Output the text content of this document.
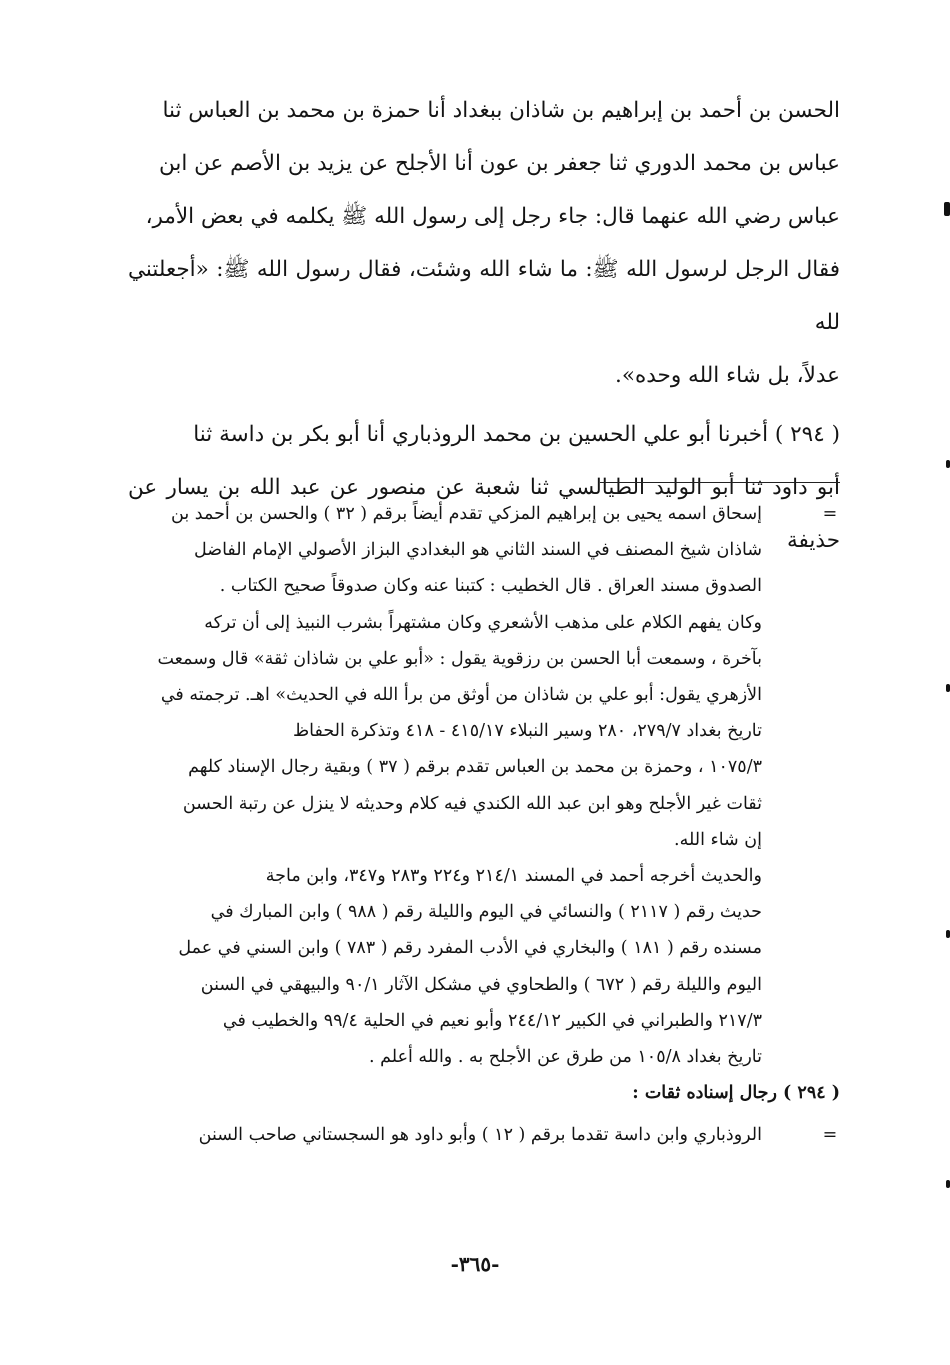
الحسن بن أحمد بن إبراهيم بن شاذان ببغداد أنا حمزة بن محمد بن العباس ثنا

عباس بن محمد الدوري ثنا جعفر بن عون أنا الأجلح عن يزيد بن الأصم عن ابن

عباس رضي الله عنهما قال: جاء رجل إلى رسول الله ﷺ يكلمه في بعض الأمر،

فقال الرجل لرسول الله ﷺ: ما شاء الله وشئت، فقال رسول الله ﷺ: «أجعلتني لله

عدلاً، بل شاء الله وحده».

( ٢٩٤ ) أخبرنا أبو علي الحسين بن محمد الروذباري أنا أبو بكر بن داسة ثنا

أبو داود ثنا أبو الوليد الطيالسي ثنا شعبة عن منصور عن عبد الله بن يسار عن حذيفة

=

إسحاق اسمه يحيى بن إبراهيم المزكي تقدم أيضاً برقم ( ٣٢ ) والحسن بن أحمد بن

شاذان شيخ المصنف في السند الثاني هو البغدادي البزاز الأصولي الإمام الفاضل

الصدوق مسند العراق . قال الخطيب : كتبنا عنه وكان صدوقاً صحيح الكتاب .

وكان يفهم الكلام على مذهب الأشعري وكان مشتهراً بشرب النبيذ إلى أن تركه

بآخرة ، وسمعت أبا الحسن بن رزقوية يقول : «أبو علي بن شاذان ثقة» قال وسمعت

الأزهري يقول: أبو علي بن شاذان من أوثق من برأ الله في الحديث» اهـ. ترجمته في

تاريخ بغداد ٢٧٩/٧، ٢٨٠ وسير النبلاء ٤١٥/١٧ - ٤١٨ وتذكرة الحفاظ

١٠٧٥/٣ ، وحمزة بن محمد بن العباس تقدم برقم ( ٣٧ ) وبقية رجال الإسناد كلهم

ثقات غير الأجلح وهو ابن عبد الله الكندي فيه كلام وحديثه لا ينزل عن رتبة الحسن

إن شاء الله.

والحديث أخرجه أحمد في المسند ٢١٤/١ و٢٢٤ و٢٨٣ و٣٤٧، وابن ماجة

حديث رقم ( ٢١١٧ ) والنسائي في اليوم والليلة رقم ( ٩٨٨ ) وابن المبارك في

مسنده رقم ( ١٨١ ) والبخاري في الأدب المفرد رقم ( ٧٨٣ ) وابن السني في عمل

اليوم والليلة رقم ( ٦٧٢ ) والطحاوي في مشكل الآثار ٩٠/١ والبيهقي في السنن

٢١٧/٣ والطبراني في الكبير ٢٤٤/١٢ وأبو نعيم في الحلية ٩٩/٤ والخطيب في

تاريخ بغداد ١٠٥/٨ من طرق عن الأجلح به . والله أعلم .

( ٢٩٤ ) رجال إسناده ثقات :

=

الروذباري وابن داسة تقدما برقم ( ١٢ ) وأبو داود هو السجستاني صاحب السنن

-٣٦٥-
